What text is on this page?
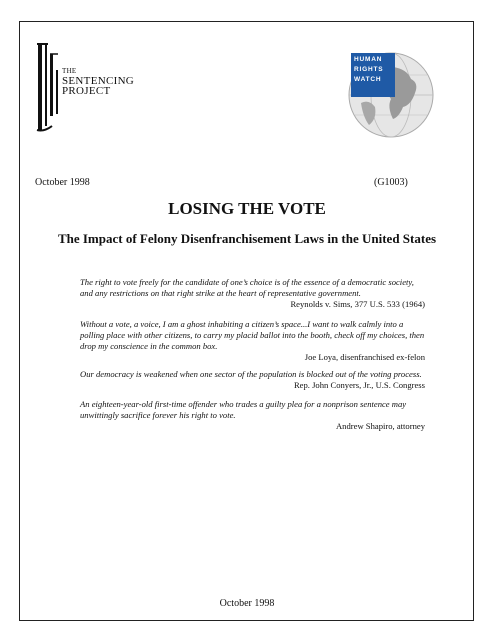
THE
SENTENCING
PROJECT
HUMAN
RIGHTS
WATCH
October 1998	(G1003)
LOSING THE VOTE
The Impact of Felony Disenfranchisement Laws in the United States
The right to vote freely for the candidate of one’s choice is of the essence of a democratic society, and any restrictions on that right strike at the heart of representative government.
Reynolds v. Sims, 377 U.S. 533 (1964)
Without a vote, a voice, I am a ghost inhabiting a citizen’s space...I want to walk calmly into a polling place with other citizens, to carry my placid ballot into the booth, check off my choices, then drop my conscience in the common box.
Joe Loya, disenfranchised ex-felon
Our democracy is weakened when one sector of the population is blocked out of the voting process.
Rep. John Conyers, Jr., U.S. Congress
An eighteen-year-old first-time offender who trades a guilty plea for a nonprison sentence may unwittingly sacrifice forever his right to vote.
Andrew Shapiro, attorney
October 1998
